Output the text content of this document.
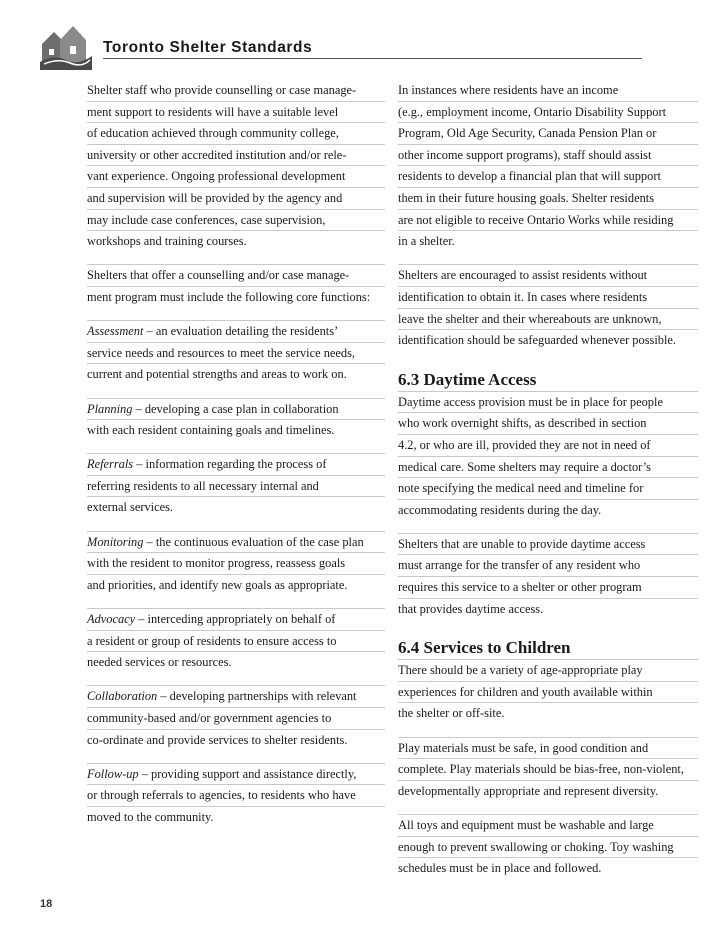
Toronto Shelter Standards

Shelter staff who provide counselling or case manage-
ment support to residents will have a suitable level
of education achieved through community college,
university or other accredited institution and/or rele-
vant experience. Ongoing professional development
and supervision will be provided by the agency and
may include case conferences, case supervision,
workshops and training courses.

Shelters that offer a counselling and/or case manage-
ment program must include the following core functions:

Assessment – an evaluation detailing the residents’
service needs and resources to meet the service needs,
current and potential strengths and areas to work on.

Planning – developing a case plan in collaboration
with each resident containing goals and timelines.

Referrals – information regarding the process of
referring residents to all necessary internal and
external services.

Monitoring – the continuous evaluation of the case plan
with the resident to monitor progress, reassess goals
and priorities, and identify new goals as appropriate.

Advocacy – interceding appropriately on behalf of
a resident or group of residents to ensure access to
needed services or resources.

Collaboration – developing partnerships with relevant
community-based and/or government agencies to
co-ordinate and provide services to shelter residents.

Follow-up – providing support and assistance directly,
or through referrals to agencies, to residents who have
moved to the community.

In instances where residents have an income
(e.g., employment income, Ontario Disability Support
Program, Old Age Security, Canada Pension Plan or
other income support programs), staff should assist
residents to develop a financial plan that will support
them in their future housing goals. Shelter residents
are not eligible to receive Ontario Works while residing
in a shelter.

Shelters are encouraged to assist residents without
identification to obtain it. In cases where residents
leave the shelter and their whereabouts are unknown,
identification should be safeguarded whenever possible.

6.3 Daytime Access

Daytime access provision must be in place for people
who work overnight shifts, as described in section
4.2, or who are ill, provided they are not in need of
medical care. Some shelters may require a doctor’s
note specifying the medical need and timeline for
accommodating residents during the day.

Shelters that are unable to provide daytime access
must arrange for the transfer of any resident who
requires this service to a shelter or other program
that provides daytime access.

6.4 Services to Children

There should be a variety of age-appropriate play
experiences for children and youth available within
the shelter or off-site.

Play materials must be safe, in good condition and
complete. Play materials should be bias-free, non-violent,
developmentally appropriate and represent diversity.

All toys and equipment must be washable and large
enough to prevent swallowing or choking. Toy washing
schedules must be in place and followed.

18
